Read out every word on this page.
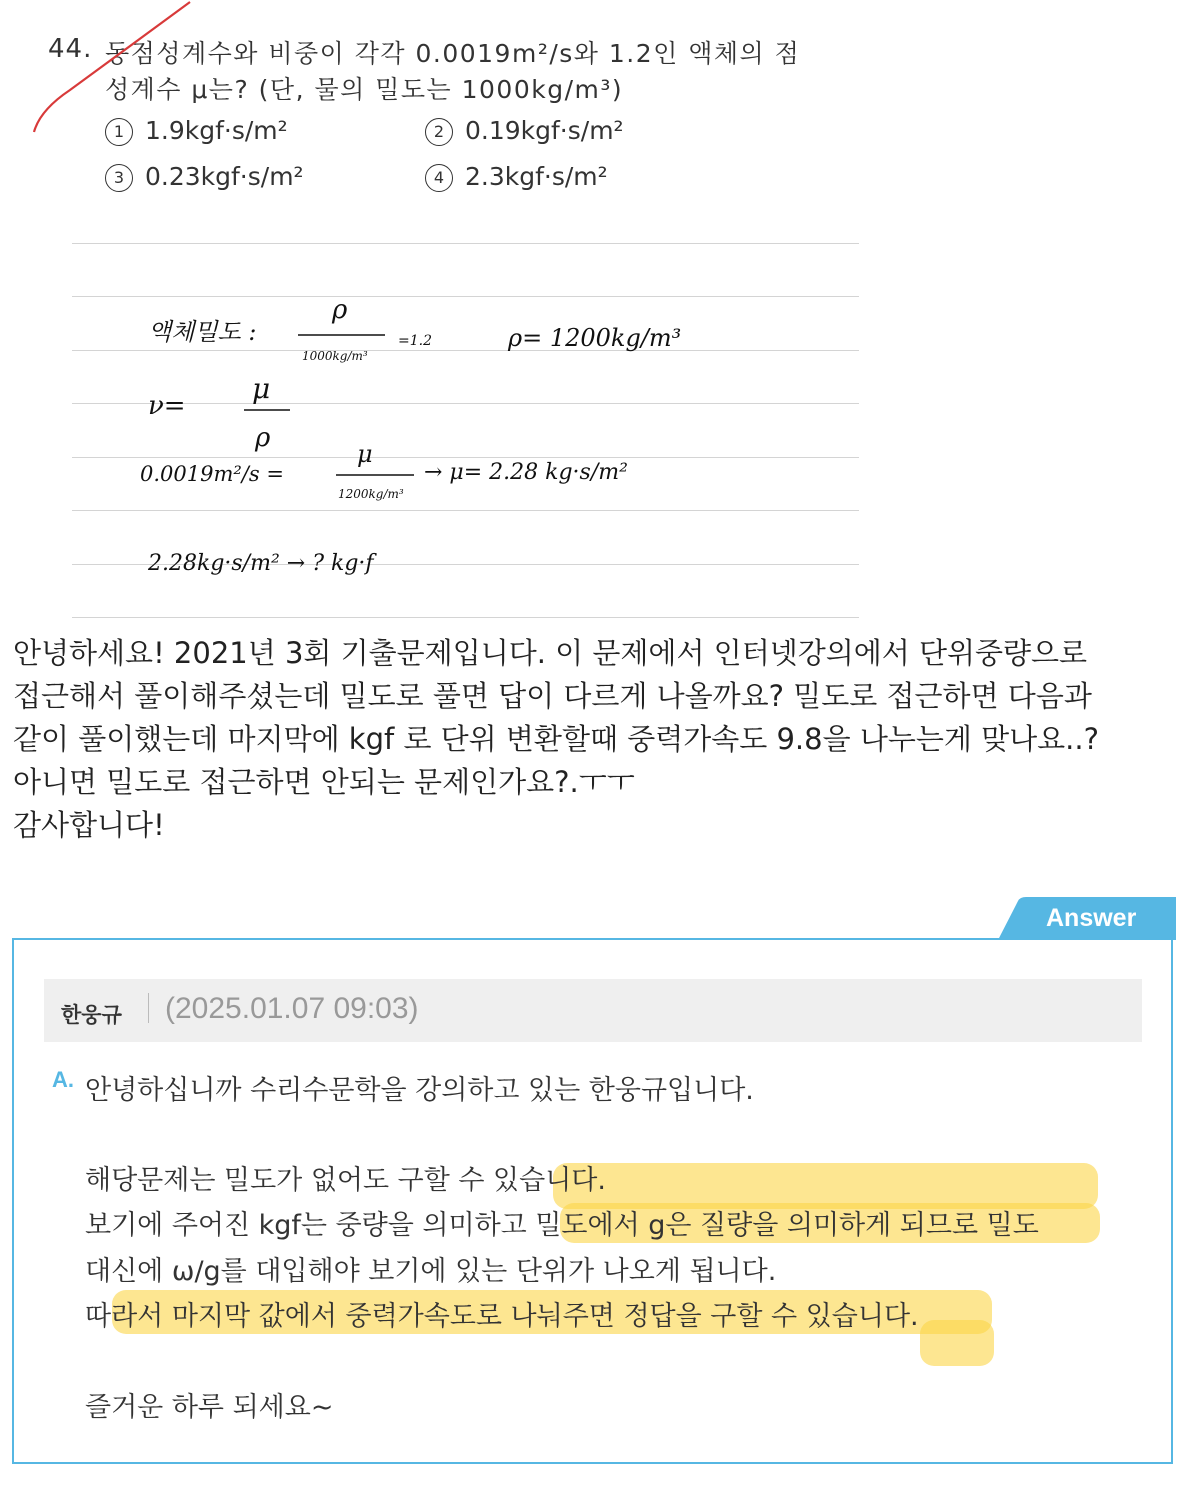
44. 동점성계수와 비중이 각각 0.0019m²/s와 1.2인 액체의 점
성계수 μ는? (단, 물의 밀도는 1000kg/m³)
1 1.9kgf·s/m²	2 0.19kgf·s/m²
3 0.23kgf·s/m²	4 2.3kgf·s/m²
액체밀도 :
ρ
1000kg/m³
=1.2	ρ= 1200kg/m³
ν=
μ
ρ
0.0019m²/s =
μ
1200kg/m³
→ μ= 2.28 kg·s/m²
2.28kg·s/m² → ? kg·f
안녕하세요! 2021년 3회 기출문제입니다. 이 문제에서 인터넷강의에서 단위중량으로
접근해서 풀이해주셨는데 밀도로 풀면 답이 다르게 나올까요? 밀도로 접근하면 다음과
같이 풀이했는데 마지막에 kgf 로 단위 변환할때 중력가속도 9.8을 나누는게 맞나요..?
아니면 밀도로 접근하면 안되는 문제인가요?.ㅜㅜ
감사합니다!
Answer
한웅규 (2025.01.07 09:03)
A. 안녕하십니까 수리수문학을 강의하고 있는 한웅규입니다.
해당문제는 밀도가 없어도 구할 수 있습니다.
보기에 주어진 kgf는 중량을 의미하고 밀도에서 g은 질량을 의미하게 되므로 밀도
대신에 ω/g를 대입해야 보기에 있는 단위가 나오게 됩니다.
따라서 마지막 값에서 중력가속도로 나눠주면 정답을 구할 수 있습니다.
즐거운 하루 되세요~
